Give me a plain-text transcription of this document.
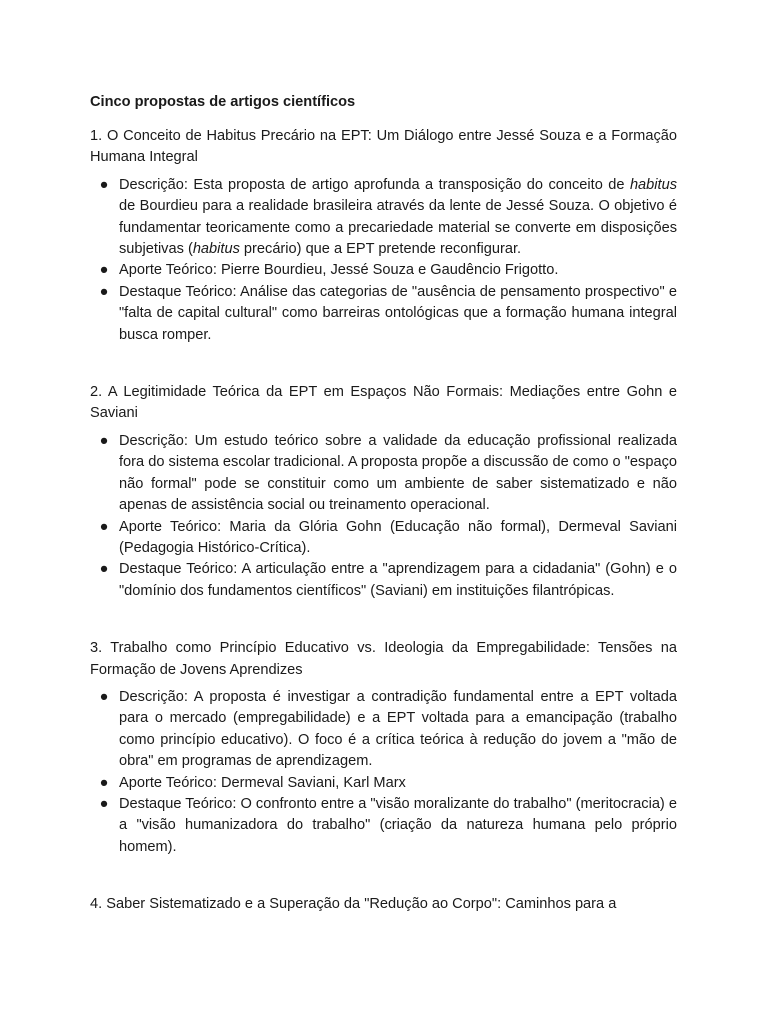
Cinco propostas de artigos científicos
1. O Conceito de Habitus Precário na EPT: Um Diálogo entre Jessé Souza e a Formação Humana Integral
● Descrição: Esta proposta de artigo aprofunda a transposição do conceito de habitus de Bourdieu para a realidade brasileira através da lente de Jessé Souza. O objetivo é fundamentar teoricamente como a precariedade material se converte em disposições subjetivas (habitus precário) que a EPT pretende reconfigurar.
● Aporte Teórico: Pierre Bourdieu, Jessé Souza e Gaudêncio Frigotto.
● Destaque Teórico: Análise das categorias de "ausência de pensamento prospectivo" e "falta de capital cultural" como barreiras ontológicas que a formação humana integral busca romper.
2. A Legitimidade Teórica da EPT em Espaços Não Formais: Mediações entre Gohn e Saviani
● Descrição: Um estudo teórico sobre a validade da educação profissional realizada fora do sistema escolar tradicional. A proposta propõe a discussão de como o "espaço não formal" pode se constituir como um ambiente de saber sistematizado e não apenas de assistência social ou treinamento operacional.
● Aporte Teórico: Maria da Glória Gohn (Educação não formal), Dermeval Saviani (Pedagogia Histórico-Crítica).
● Destaque Teórico: A articulação entre a "aprendizagem para a cidadania" (Gohn) e o "domínio dos fundamentos científicos" (Saviani) em instituições filantrópicas.
3. Trabalho como Princípio Educativo vs. Ideologia da Empregabilidade: Tensões na Formação de Jovens Aprendizes
● Descrição: A proposta é investigar a contradição fundamental entre a EPT voltada para o mercado (empregabilidade) e a EPT voltada para a emancipação (trabalho como princípio educativo). O foco é a crítica teórica à redução do jovem a "mão de obra" em programas de aprendizagem.
● Aporte Teórico: Dermeval Saviani, Karl Marx
● Destaque Teórico: O confronto entre a "visão moralizante do trabalho" (meritocracia) e a "visão humanizadora do trabalho" (criação da natureza humana pelo próprio homem).
4. Saber Sistematizado e a Superação da "Redução ao Corpo": Caminhos para a
